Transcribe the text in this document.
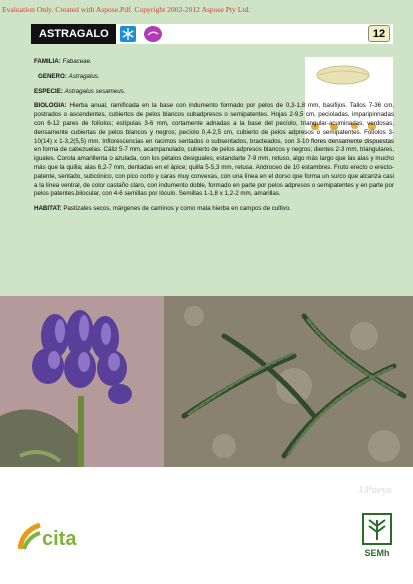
Evaluation Only. Created with Aspose.Pdf. Copyright 2002-2012 Aspose Pty Ltd.
ASTRAGALO	12

FAMILIA: Fabaceae.

GENERO: Astragalus.

ESPECIE: Astragalus sesameus.

BIOLOGIA: Hierba anual, ramificada en la base con indumento formado por pelos de 0,3-1,8 mm, basifijos. Tallos 7-36 cm, postrados o ascendentes, cubiertos de pelos blancos subadpresos o semipatentes. Hojas 2-9,5 cm, pecioladas, imparipinnadas con 6-12 pares de folíolos; estípulas 3-6 mm, cortamente adnadas a la base del pecíolo, triangular-acuminadas, verdosas, densamente cubiertas de pelos blancos y negros; pecíolo 0,4-2,5 cm, cubierto de pelos adpresos o semipatentes. Folíolos 3-10(14) x 1-3,2(5,5) mm. Inflorescencias en racimos sentados o subsentados, bracteados, con 3-10 flores densamente dispuestas en forma de cabezuelas. Cáliz 5-7 mm, acampanulado, cubierto de pelos adpresos blancos y negros; dientes 2-3 mm, triangulares, iguales. Corola amarillenta o azulada, con los pétalos desiguales; estandarte 7-9 mm, retuso, algo más largo que las alas y mucho más que la quilla; alas 6,2-7 mm, dentadas en el ápice; quilla 5-5,3 mm, retusa. Androceo de 10 estambres. Fruto erecto o erecto-patente, sentado, subcónico, con pico corto y caras muy convexas, con una línea en el dorso que forma un surco que alcanza casi a la línea ventral, de color castaño claro, con indumento doble, formado en parte por pelos adpresos o semipatentes y en parte por pelos patentes,bilocular, con 4-6 semillas por lóculo. Semillas 1-1,8 x 1,2-2 mm, amarillas.

HABITAT: Pastizales secos, márgenes de caminos y como mala hierba en campos de cultivo.

J.Pueyo
cita
SEMh
